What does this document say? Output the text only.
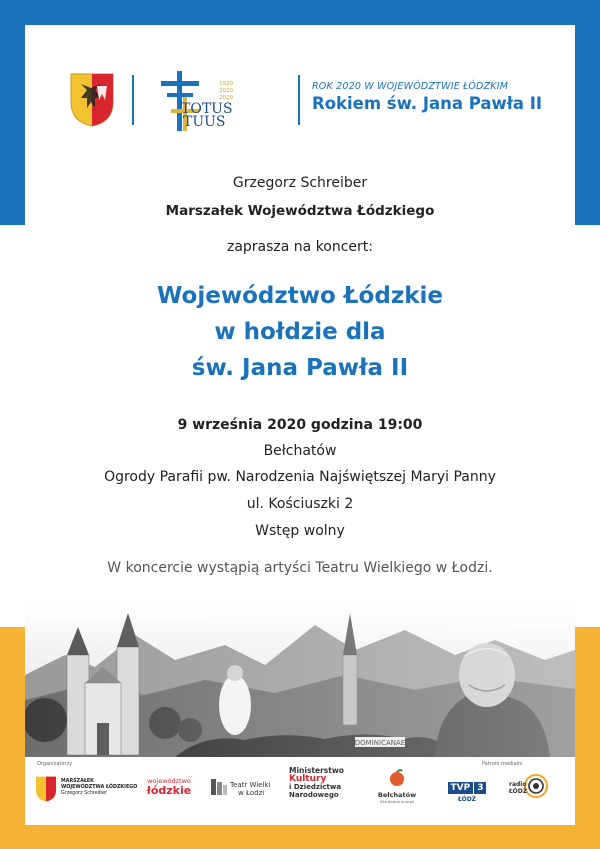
1920
2020
2020
TOTUS
TUUS
ROK 2020 W WOJEWÓDZTWIE ŁÓDZKIM
Rokiem św. Jana Pawła II
Grzegorz Schreiber
Marszałek Województwa Łódzkiego
zaprasza na koncert:
Województwo Łódzkie
w hołdzie dla
św. Jana Pawła II
9 września 2020 godzina 19:00
Bełchatów
Ogrody Parafii pw. Narodzenia Najświętszej Maryi Panny
ul. Kościuszki 2
Wstęp wolny
W koncercie wystąpią artyści Teatru Wielkiego w Łodzi.
Organizatorzy	Patroni medialni
MARSZAŁEK
WOJEWÓDZTWA ŁÓDZKIEGO
Grzegorz Schreiber
województwo
łódzkie	Teatr Wielki
w Łodzi
Ministerstwo
Kultury
i Dziedzictwa
Narodowego	Bełchatów
Siła dobrej energii
TVP 3
ŁÓDŹ
radio
ŁÓDŹ
